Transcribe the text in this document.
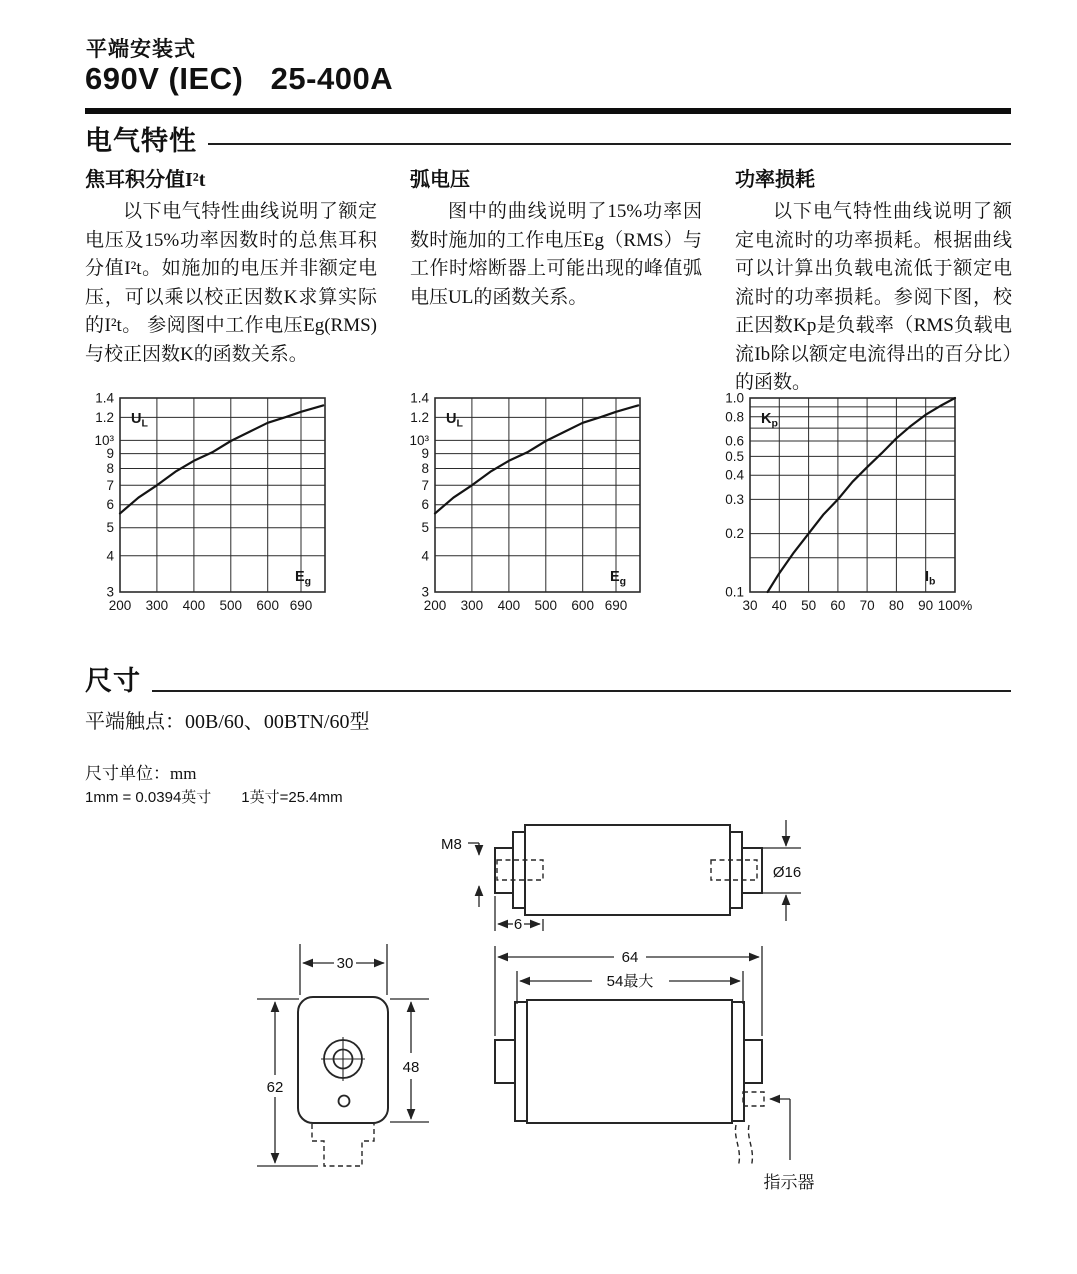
平端安装式
690V (IEC)   25-400A
电气特性
焦耳积分值I²t

以下电气特性曲线说明了额定电压及15%功率因数时的总焦耳积分值I²t。如施加的电压并非额定电压，可以乘以校正因数K求算实际的I²t。 参阅图中工作电压Eg(RMS)与校正因数K的函数关系。

弧电压

图中的曲线说明了15%功率因数时施加的工作电压Eg（RMS）与工作时熔断器上可能出现的峰值弧电压UL的函数关系。

功率损耗

以下电气特性曲线说明了额定电流时的功率损耗。根据曲线可以计算出负载电流低于额定电流时的功率损耗。参阅下图，校正因数Kp是负载率（RMS负载电流Ib除以额定电流得出的百分比）的函数。

1.4
1.2
10³
9
8
7
6
5
4
3
200 300 400 500 600 690
$U_L$
$E_g$
1.4
1.2
10³
9
8
7
6
5
4
3
200 300 400 500 600 690
$U_L$
$E_g$
1.0
0.8
0.6
0.5
0.4
0.3
0.2
0.1
30 40 50 60 70 80 90 100%
$K_p$
$I_b$
尺寸
平端触点：00B/60、00BTN/60型
尺寸单位：mm
1mm = 0.0394英寸　　1英寸=25.4mm
M8
Ø16
6
30
62
48
64
54最大
指示器
